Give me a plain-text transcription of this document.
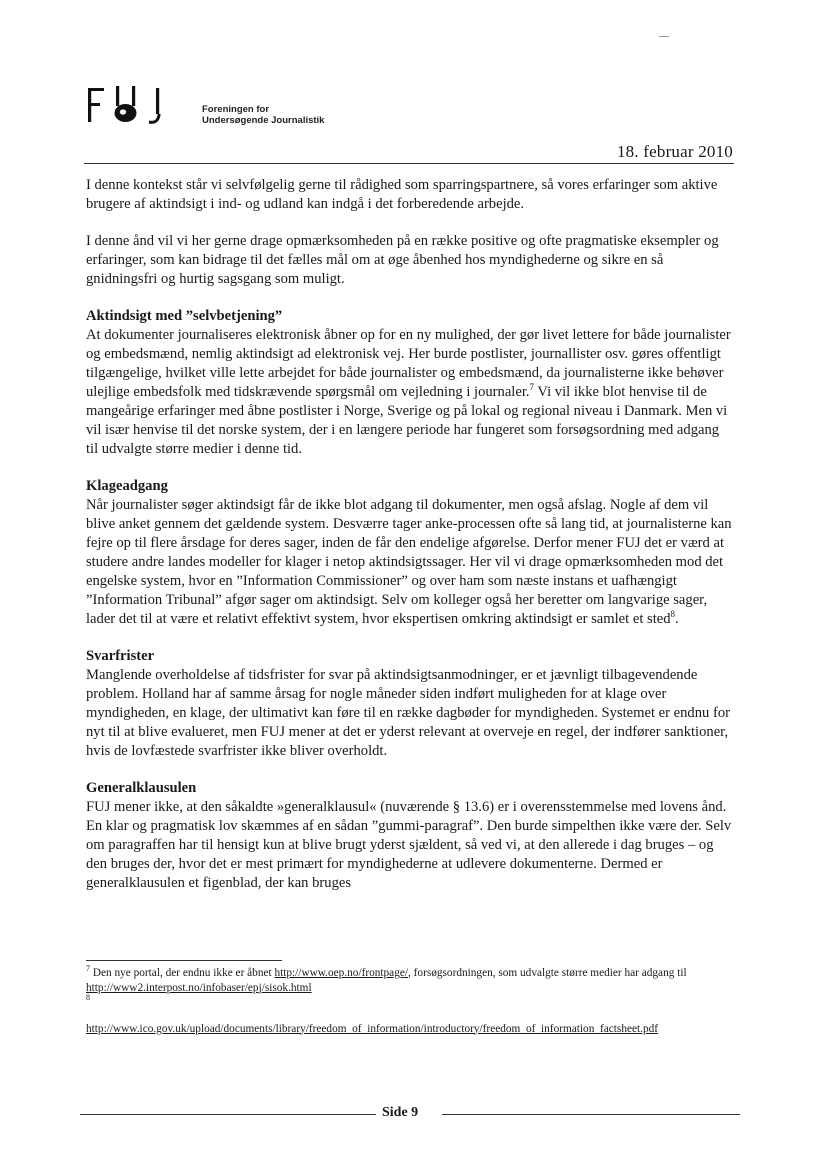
Foreningen for
Undersøgende Journalistik
18. februar 2010

I denne kontekst står vi selvfølgelig gerne til rådighed som sparringspartnere, så vores erfaringer som aktive brugere af aktindsigt i ind- og udland kan indgå i det forberedende arbejde.

I denne ånd vil vi her gerne drage opmærksomheden på en række positive og ofte pragmatiske eksempler og erfaringer, som kan bidrage til det fælles mål om at øge åbenhed hos myndighederne og sikre en så gnidningsfri og hurtig sagsgang som muligt.

Aktindsigt med ”selvbetjening”

At dokumenter journaliseres elektronisk åbner op for en ny mulighed, der gør livet lettere for både journalister og embedsmænd, nemlig aktindsigt ad elektronisk vej. Her burde postlister, journallister osv. gøres offentligt tilgængelige, hvilket ville lette arbejdet for både journalister og embedsmænd, da journalisterne ikke behøver ulejlige embedsfolk med tidskrævende spørgsmål om vejledning i journaler.$^7$ Vi vil ikke blot henvise til de mangeårige erfaringer med åbne postlister i Norge, Sverige og på lokal og regional niveau i Danmark. Men vi vil især henvise til det norske system, der i en længere periode har fungeret som forsøgsordning med adgang til udvalgte større medier i denne tid.

Klageadgang

Når journalister søger aktindsigt får de ikke blot adgang til dokumenter, men også afslag. Nogle af dem vil blive anket gennem det gældende system. Desværre tager anke-processen ofte så lang tid, at journalisterne kan fejre op til flere årsdage for deres sager, inden de får den endelige afgørelse. Derfor mener FUJ det er værd at studere andre landes modeller for klager i netop aktindsigtssager. Her vil vi drage opmærksomheden mod det engelske system, hvor en ”Information Commissioner” og over ham som næste instans et uafhængigt ”Information Tribunal” afgør sager om aktindsigt. Selv om kolleger også her beretter om langvarige sager, lader det til at være et relativt effektivt system, hvor ekspertisen omkring aktindsigt er samlet et sted$^8$.

Svarfrister

Manglende overholdelse af tidsfrister for svar på aktindsigtsanmodninger, er et jævnligt tilbagevendende problem. Holland har af samme årsag for nogle måneder siden indført muligheden for at klage over myndigheden, en klage, der ultimativt kan føre til en række dagbøder for myndigheden. Systemet er endnu for nyt til at blive evalueret, men FUJ mener at det er yderst relevant at overveje en regel, der indfører sanktioner, hvis de lovfæstede svarfrister ikke bliver overholdt.

Generalklausulen

FUJ mener ikke, at den såkaldte »generalklausul« (nuværende § 13.6) er i overensstemmelse med lovens ånd. En klar og pragmatisk lov skæmmes af en sådan ”gummi-paragraf”. Den burde simpelthen ikke være der. Selv om paragraffen har til hensigt kun at blive brugt yderst sjældent, så ved vi, at den allerede i dag bruges – og den bruges der, hvor det er mest primært for myndighederne at udlevere dokumenterne. Dermed er generalklausulen et figenblad, der kan bruges

$^7$ Den nye portal, der endnu ikke er åbnet http://www.oep.no/frontpage/, forsøgsordningen, som udvalgte større medier har adgang til http://www2.interpost.no/infobaser/epj/sisok.html

$^8$

http://www.ico.gov.uk/upload/documents/library/freedom_of_information/introductory/freedom_of_information_factsheet.pdf

Side 9
